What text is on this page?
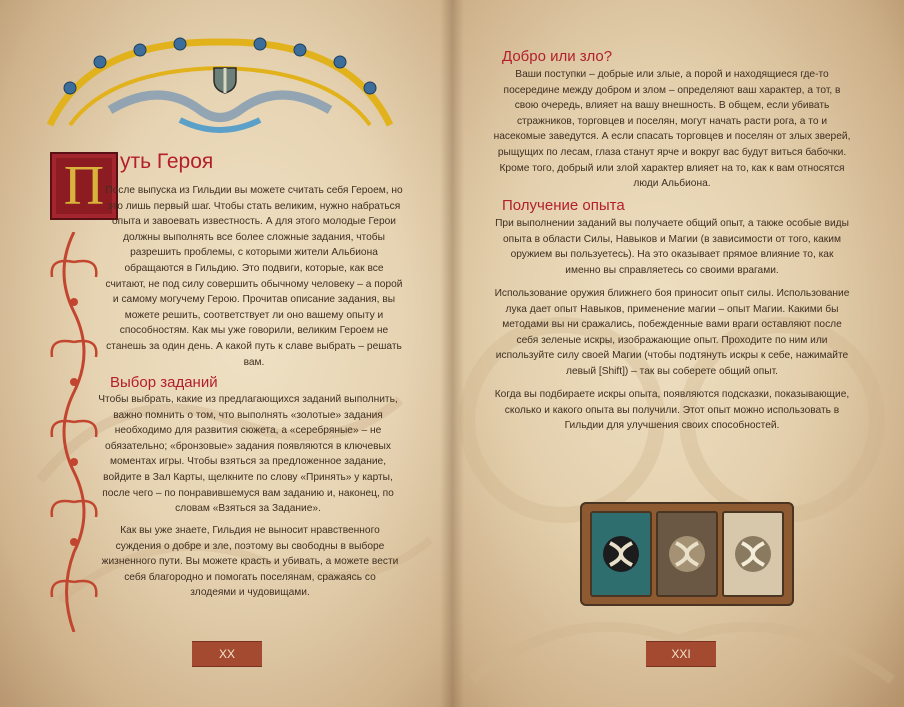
П уть Героя
После выпуска из Гильдии вы можете считать себя Героем, но это лишь первый шаг. Чтобы стать великим, нужно набраться опыта и завоевать известность. А для этого молодые Герои должны выполнять все более сложные задания, чтобы разрешить проблемы, с которыми жители Альбиона обращаются в Гильдию. Это подвиги, которые, как все считают, не под силу совершить обычному человеку – а порой и самому могучему Герою. Прочитав описание задания, вы можете решить, соответствует ли оно вашему опыту и способностям. Как мы уже говорили, великим Героем не станешь за один день. А какой путь к славе выбрать – решать вам.
Выбор заданий
Чтобы выбрать, какие из предлагающихся заданий выполнить, важно помнить о том, что выполнять «золотые» задания необходимо для развития сюжета, а «серебряные» – не обязательно; «бронзовые» задания появляются в ключевых моментах игры. Чтобы взяться за предложенное задание, войдите в Зал Карты, щелкните по слову «Принять» у карты, после чего – по понравившемуся вам заданию и, наконец, по словам «Взяться за Задание».
Как вы уже знаете, Гильдия не выносит нравственного суждения о добре и зле, поэтому вы свободны в выборе жизненного пути. Вы можете красть и убивать, а можете вести себя благородно и помогать поселянам, сражаясь со злодеями и чудовищами.
XX
Добро или зло?
Ваши поступки – добрые или злые, а порой и находящиеся где-то посередине между добром и злом – определяют ваш характер, а тот, в свою очередь, влияет на вашу внешность. В общем, если убивать стражников, торговцев и поселян, могут начать расти рога, а то и насекомые заведутся. А если спасать торговцев и поселян от злых зверей, рыщущих по лесам, глаза станут ярче и вокруг вас будут виться бабочки. Кроме того, добрый или злой характер влияет на то, как к вам относятся люди Альбиона.
Получение опыта
При выполнении заданий вы получаете общий опыт, а также особые виды опыта в области Силы, Навыков и Магии (в зависимости от того, каким оружием вы пользуетесь). На это оказывает прямое влияние то, как именно вы справляетесь со своими врагами.
Использование оружия ближнего боя приносит опыт силы. Использование лука дает опыт Навыков, применение магии – опыт Магии. Какими бы методами вы ни сражались, побежденные вами враги оставляют после себя зеленые искры, изображающие опыт. Проходите по ним или используйте силу своей Магии (чтобы подтянуть искры к себе, нажимайте левый [Shift]) – так вы соберете общий опыт.
Когда вы подбираете искры опыта, появляются подсказки, показывающие, сколько и какого опыта вы получили. Этот опыт можно использовать в Гильдии для улучшения своих способностей.
XXI
